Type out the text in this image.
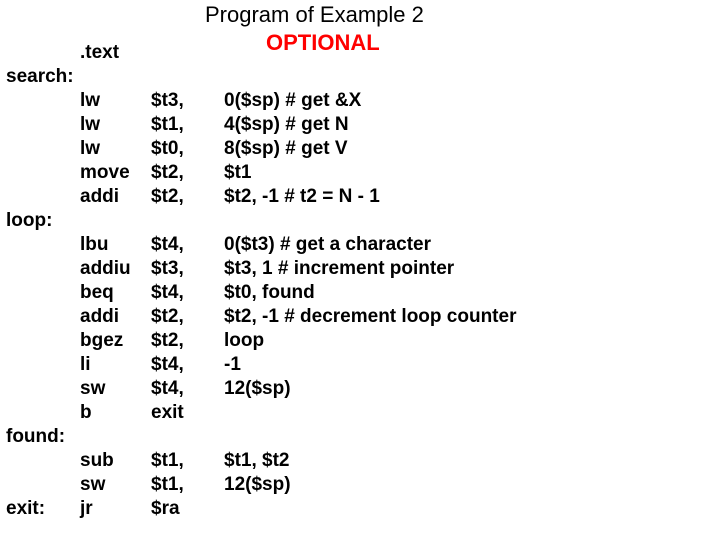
Program of Example 2
OPTIONAL
.text
search:
lw	$t3, 0($sp) # get &X
lw	$t1, 4($sp) # get N
lw	$t0, 8($sp) # get V
move $t2, $t1
addi $t2, $t2, -1 # t2 = N - 1
loop:
lbu $t4, 0($t3) # get a character
addiu $t3, $t3, 1 # increment pointer
beq $t4, $t0, found
addi $t2, $t2, -1 # decrement loop counter
bgez $t2, loop
li	$t4, -1
sw $t4, 12($sp)
b	exit
found:
sub $t1, $t1, $t2
sw $t1, 12($sp)
exit: jr	$ra
